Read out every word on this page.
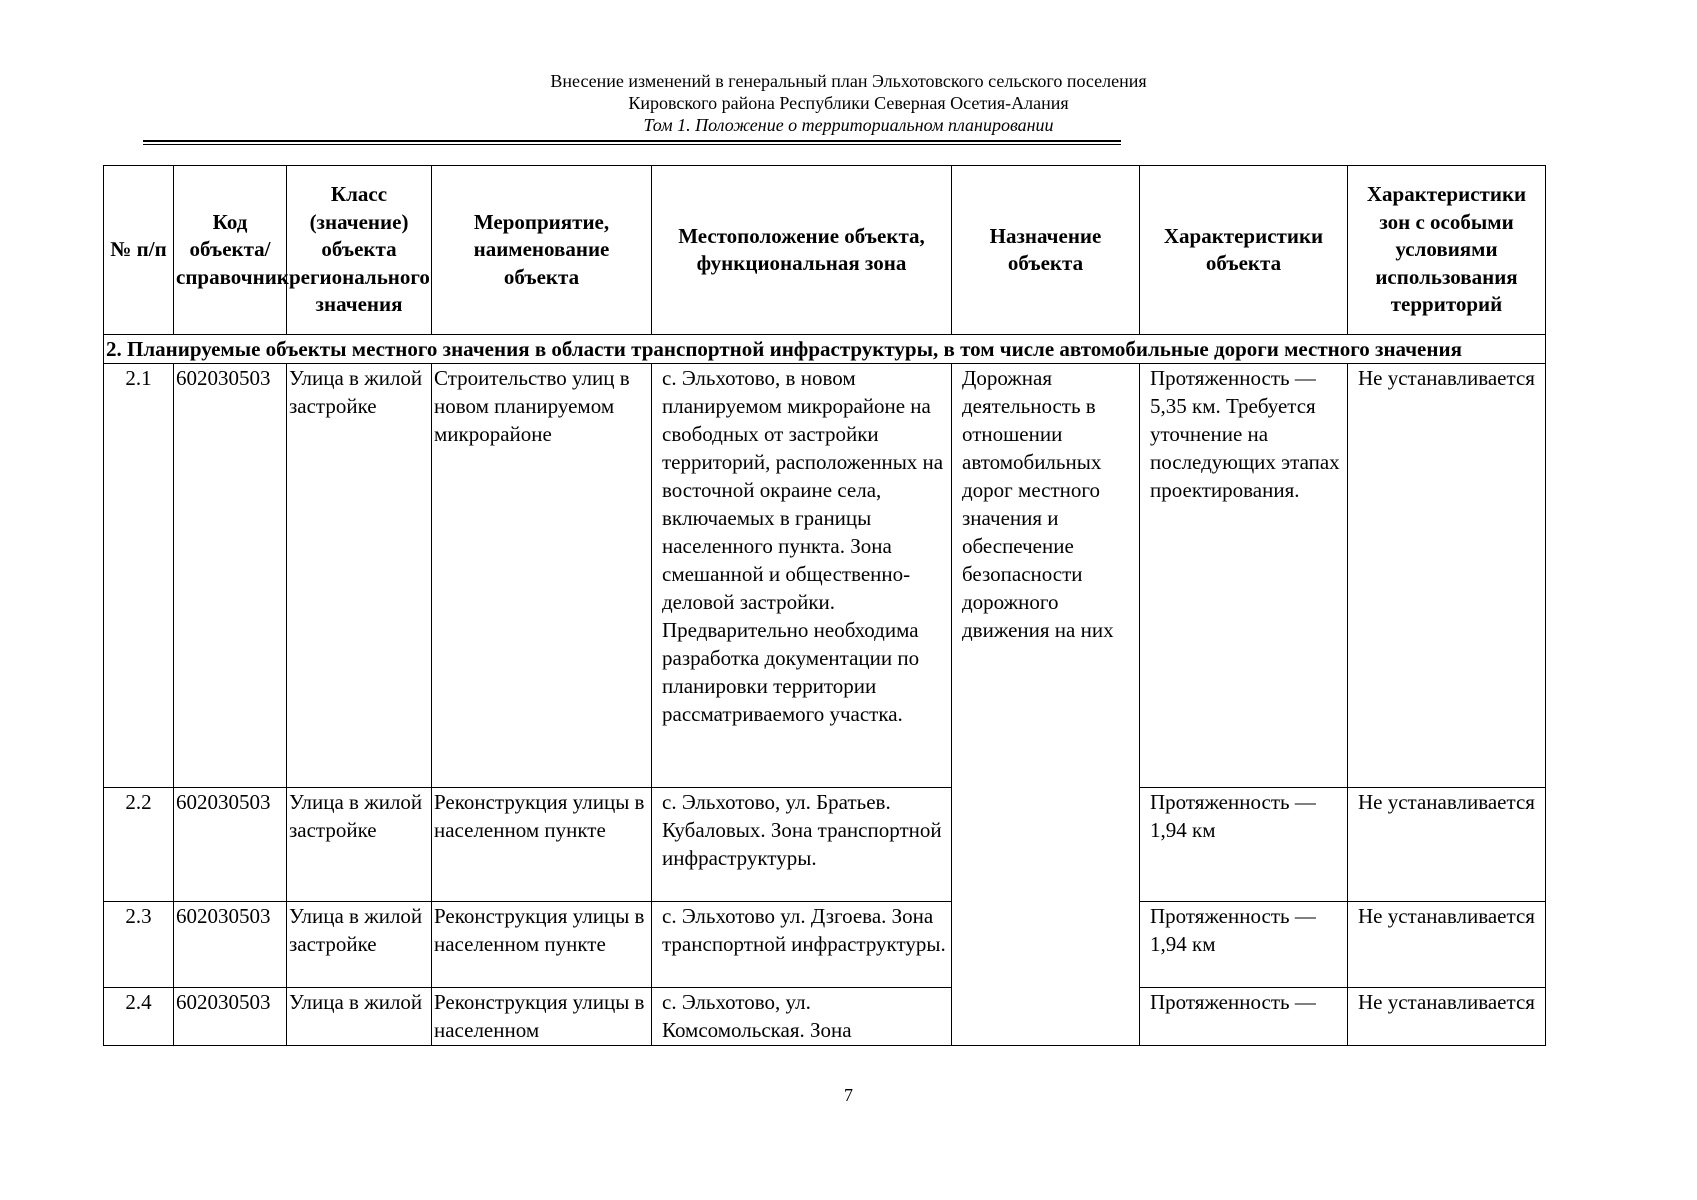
Внесение изменений в генеральный план Эльхотовского сельского поселения
Кировского района Республики Северная Осетия-Алания
Том 1. Положение о территориальном планировании
№ п/п	Код объекта/ справочник	Класс (значение) объекта регионального значения	Мероприятие, наименование объекта	Местоположение объекта, функциональная зона	Назначение объекта	Характеристики объекта	Характеристики зон с особыми условиями использования территорий
2. Планируемые объекты местного значения в области транспортной инфраструктуры, в том числе автомобильные дороги местного значения							
2.1	602030503	Улица в жилой застройке	Строительство улиц в новом планируемом микрорайоне	с. Эльхотово, в новом планируемом микрорайоне на свободных от застройки территорий, расположенных на восточной окраине села, включаемых в границы населенного пункта. Зона смешанной и общественно-деловой застройки. Предварительно необходима разработка документации по планировки территории рассматриваемого участка.	Дорожная деятельность в отношении автомобильных дорог местного значения и обеспечение безопасности дорожного движения на них	Протяженность — 5,35 км. Требуется уточнение на последующих этапах проектирования.	Не устанавливается
2.2	602030503	Улица в жилой застройке	Реконструкция улицы в населенном пункте	с. Эльхотово, ул. Братьев. Кубаловых. Зона транспортной инфраструктуры.		Протяженность — 1,94 км	Не устанавливается
2.3	602030503	Улица в жилой застройке	Реконструкция улицы в населенном пункте	с. Эльхотово ул. Дзгоева. Зона транспортной инфраструктуры.		Протяженность — 1,94 км	Не устанавливается
2.4	602030503	Улица в жилой	Реконструкция улицы в населенном	с. Эльхотово, ул. Комсомольская. Зона		Протяженность —	Не устанавливается
7
